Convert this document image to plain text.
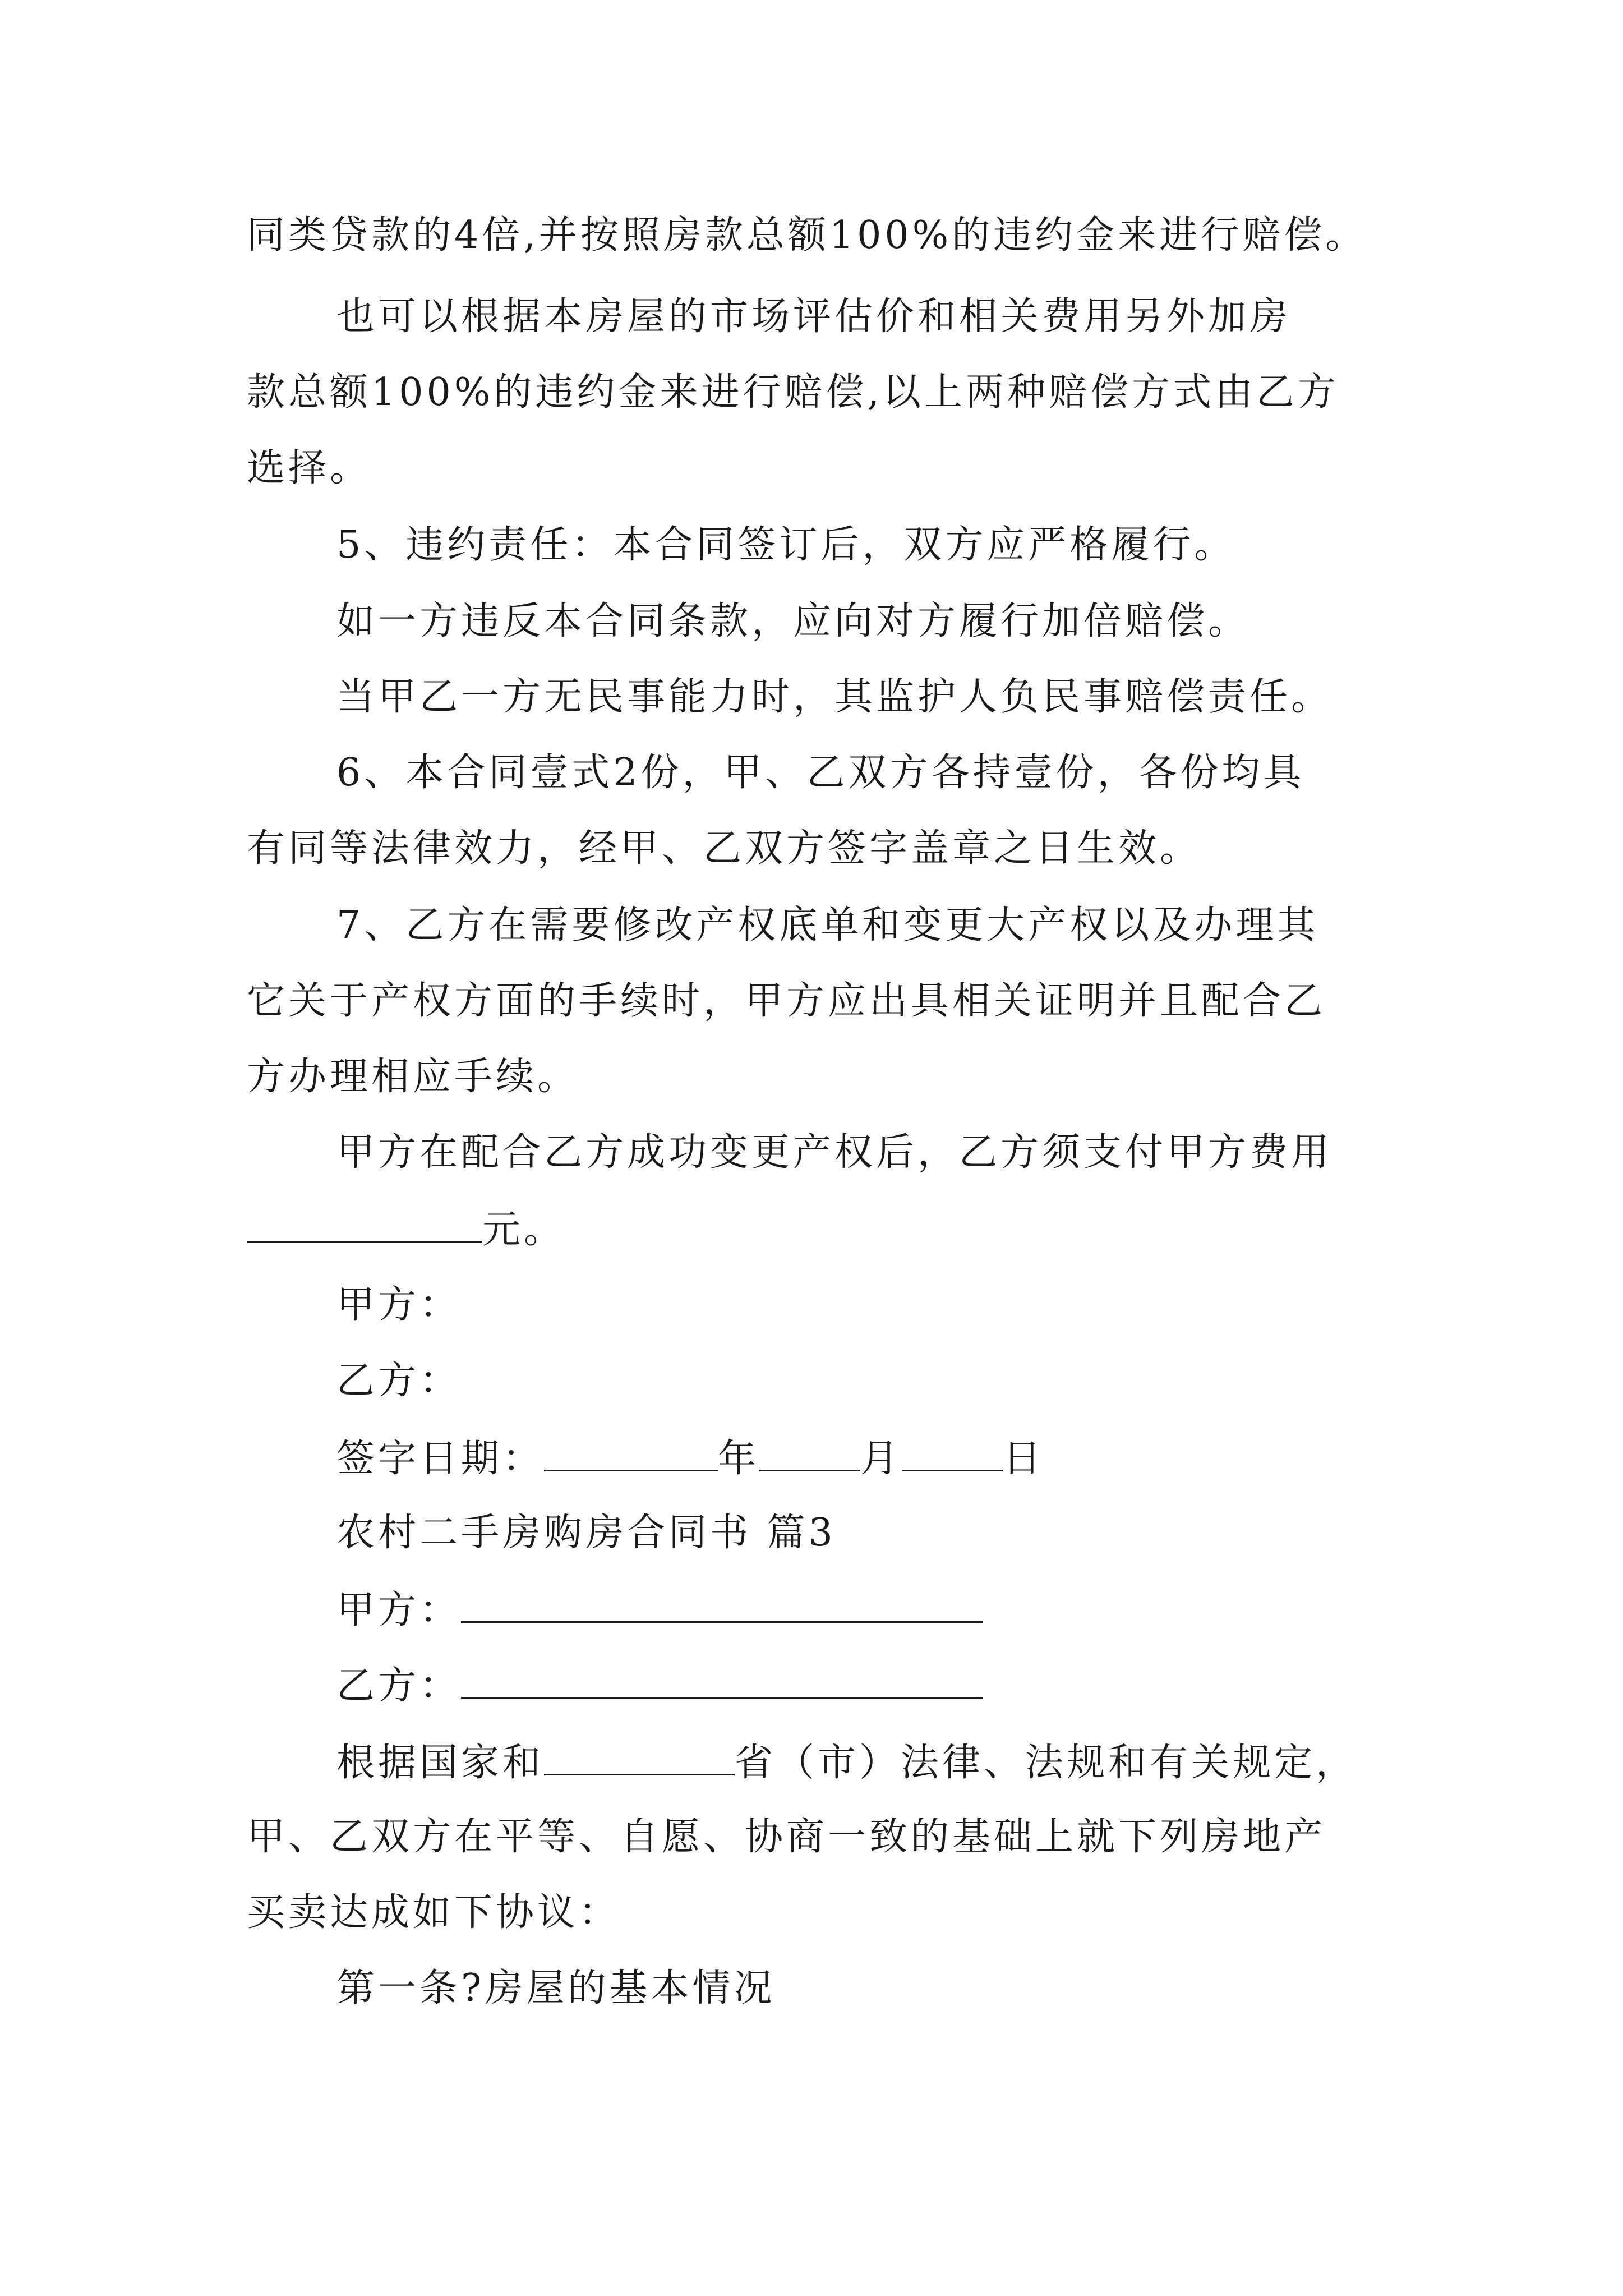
同类贷款的4倍,并按照房款总额100%的违约金来进行赔偿。
也可以根据本房屋的市场评估价和相关费用另外加房
款总额100%的违约金来进行赔偿,以上两种赔偿方式由乙方
选择。
5、违约责任：本合同签订后，双方应严格履行。
如一方违反本合同条款，应向对方履行加倍赔偿。
当甲乙一方无民事能力时，其监护人负民事赔偿责任。
6、本合同壹式2份，甲、乙双方各持壹份，各份均具
有同等法律效力，经甲、乙双方签字盖章之日生效。
7、乙方在需要修改产权底单和变更大产权以及办理其
它关于产权方面的手续时，甲方应出具相关证明并且配合乙
方办理相应手续。
甲方在配合乙方成功变更产权后，乙方须支付甲方费用
元。
甲方：
乙方：
签字日期：	年	月	日
农村二手房购房合同书 篇3
甲方：
乙方：
根据国家和	省（市）法律、法规和有关规定，
甲、乙双方在平等、自愿、协商一致的基础上就下列房地产
买卖达成如下协议：
第一条?房屋的基本情况
